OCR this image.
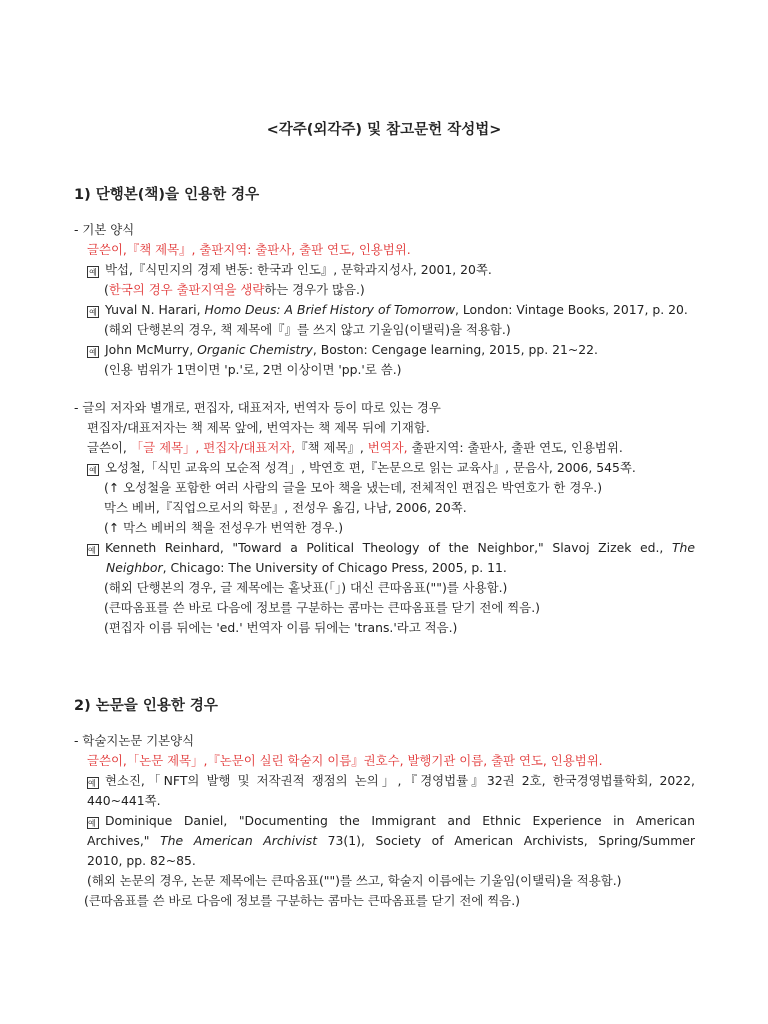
<각주(외각주) 및 참고문헌 작성법>
1) 단행본(책)을 인용한 경우
- 기본 양식
글쓴이,『책 제목』, 출판지역: 출판사, 출판 연도, 인용범위.
예 박섭,『식민지의 경제 변동: 한국과 인도』, 문학과지성사, 2001, 20쪽.
(한국의 경우 출판지역을 생략하는 경우가 많음.)
예 Yuval N. Harari, Homo Deus: A Brief History of Tomorrow, London: Vintage Books, 2017, p. 20.
(해외 단행본의 경우, 책 제목에『』를 쓰지 않고 기울임(이탤릭)을 적용함.)
예 John McMurry, Organic Chemistry, Boston: Cengage learning, 2015, pp. 21~22.
(인용 범위가 1면이면 'p.'로, 2면 이상이면 'pp.'로 씀.)
- 글의 저자와 별개로, 편집자, 대표저자, 번역자 등이 따로 있는 경우
편집자/대표저자는 책 제목 앞에, 번역자는 책 제목 뒤에 기재함.
글쓴이, 「글 제목」, 편집자/대표저자,『책 제목』, 번역자, 출판지역: 출판사, 출판 연도, 인용범위.
예 오성철,「식민 교육의 모순적 성격」, 박연호 편,『논문으로 읽는 교육사』, 문음사, 2006, 545쪽.
(↑ 오성철을 포함한 여러 사람의 글을 모아 책을 냈는데, 전체적인 편집은 박연호가 한 경우.)
막스 베버,『직업으로서의 학문』, 전성우 옮김, 나남, 2006, 20쪽.
(↑ 막스 베버의 책을 전성우가 번역한 경우.)
예 Kenneth Reinhard, "Toward a Political Theology of the Neighbor," Slavoj Zizek ed., The
Neighbor, Chicago: The University of Chicago Press, 2005, p. 11.
(해외 단행본의 경우, 글 제목에는 홑낫표(「」) 대신 큰따옴표("")를 사용함.)
(큰따옴표를 쓴 바로 다음에 정보를 구분하는 콤마는 큰따옴표를 닫기 전에 찍음.)
(편집자 이름 뒤에는 'ed.' 번역자 이름 뒤에는 'trans.'라고 적음.)
2) 논문을 인용한 경우
- 학술지논문 기본양식
글쓴이,「논문 제목」,『논문이 실린 학술지 이름』권호수, 발행기관 이름, 출판 연도, 인용범위.
예 현소진,「NFT의 발행 및 저작권적 쟁점의 논의」,『경영법률』32권 2호, 한국경영법률학회, 2022,
440~441쪽.
예 Dominique Daniel, "Documenting the Immigrant and Ethnic Experience in American
Archives," The American Archivist 73(1), Society of American Archivists, Spring/Summer
2010, pp. 82~85.
(해외 논문의 경우, 논문 제목에는 큰따옴표("")를 쓰고, 학술지 이름에는 기울임(이탤릭)을 적용함.)
(큰따옴표를 쓴 바로 다음에 정보를 구분하는 콤마는 큰따옴표를 닫기 전에 찍음.)
